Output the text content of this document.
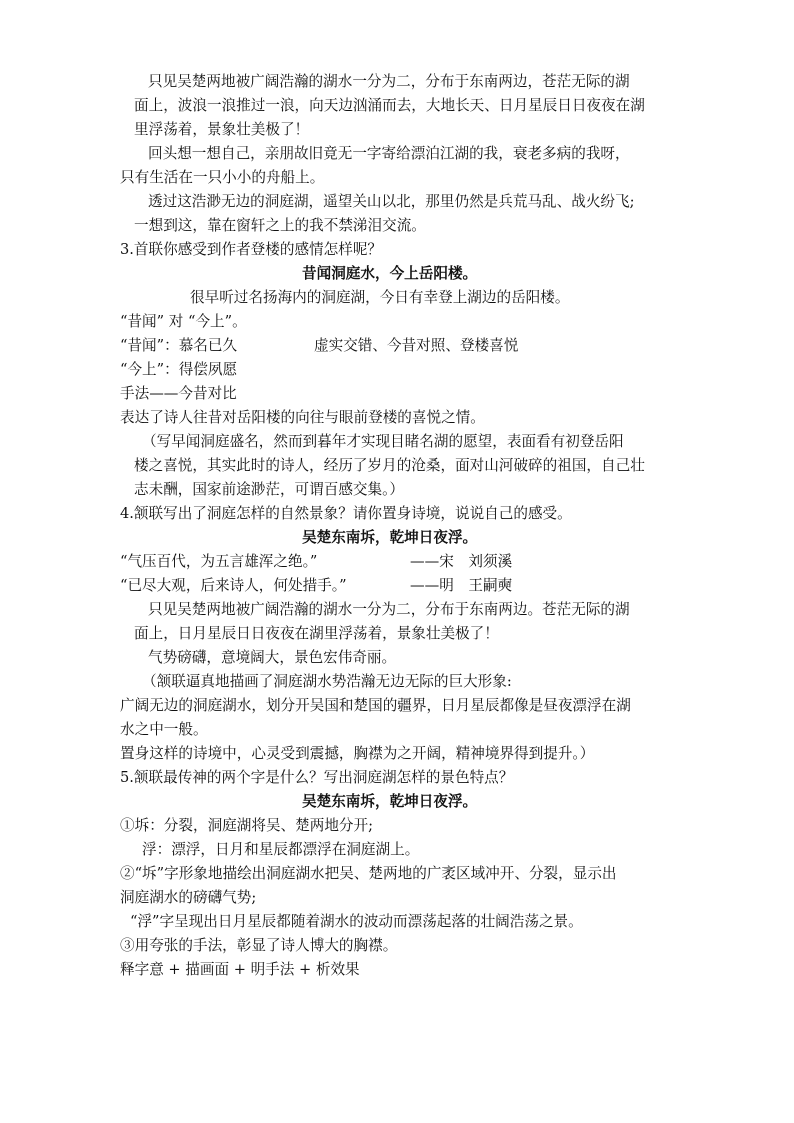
只见吴楚两地被广阔浩瀚的湖水一分为二，分布于东南两边，苍茫无际的湖
面上，波浪一浪推过一浪，向天边汹涌而去，大地长天、日月星辰日日夜夜在湖
里浮荡着，景象壮美极了！
回头想一想自己，亲朋故旧竟无一字寄给漂泊江湖的我，衰老多病的我呀，
只有生活在一只小小的舟船上。
透过这浩渺无边的洞庭湖，遥望关山以北，那里仍然是兵荒马乱、战火纷飞;
一想到这，靠在窗轩之上的我不禁涕泪交流。
3.首联你感受到作者登楼的感情怎样呢？
昔闻洞庭水，今上岳阳楼。
很早听过名扬海内的洞庭湖，今日有幸登上湖边的岳阳楼。
“昔闻” 对 “今上”。
“昔闻”：慕名已久	虚实交错、今昔对照、登楼喜悦
“今上”：得偿夙愿
手法——今昔对比
表达了诗人往昔对岳阳楼的向往与眼前登楼的喜悦之情。
（写早闻洞庭盛名，然而到暮年才实现目睹名湖的愿望，表面看有初登岳阳
楼之喜悦，其实此时的诗人，经历了岁月的沧桑，面对山河破碎的祖国，自己壮
志未酬，国家前途渺茫，可谓百感交集。）
4.颔联写出了洞庭怎样的自然景象？请你置身诗境，说说自己的感受。
吴楚东南坼，乾坤日夜浮。
“气压百代，为五言雄浑之绝。”	——宋　刘须溪
“已尽大观，后来诗人，何处措手。”	——明　王嗣奭
只见吴楚两地被广阔浩瀚的湖水一分为二，分布于东南两边。苍茫无际的湖
面上，日月星辰日日夜夜在湖里浮荡着，景象壮美极了！
气势磅礴，意境阔大，景色宏伟奇丽。
（颔联逼真地描画了洞庭湖水势浩瀚无边无际的巨大形象:
广阔无边的洞庭湖水，划分开吴国和楚国的疆界，日月星辰都像是昼夜漂浮在湖
水之中一般。
置身这样的诗境中，心灵受到震撼，胸襟为之开阔，精神境界得到提升。）
5.颔联最传神的两个字是什么？写出洞庭湖怎样的景色特点？
吴楚东南坼，乾坤日夜浮。
①坼：分裂，洞庭湖将吴、楚两地分开;
浮：漂浮，日月和星辰都漂浮在洞庭湖上。
②“坼”字形象地描绘出洞庭湖水把吴、楚两地的广袤区域冲开、分裂，显示出
洞庭湖水的磅礴气势;
“浮”字呈现出日月星辰都随着湖水的波动而漂荡起落的壮阔浩荡之景。
③用夸张的手法，彰显了诗人博大的胸襟。
释字意 + 描画面 + 明手法 + 析效果
